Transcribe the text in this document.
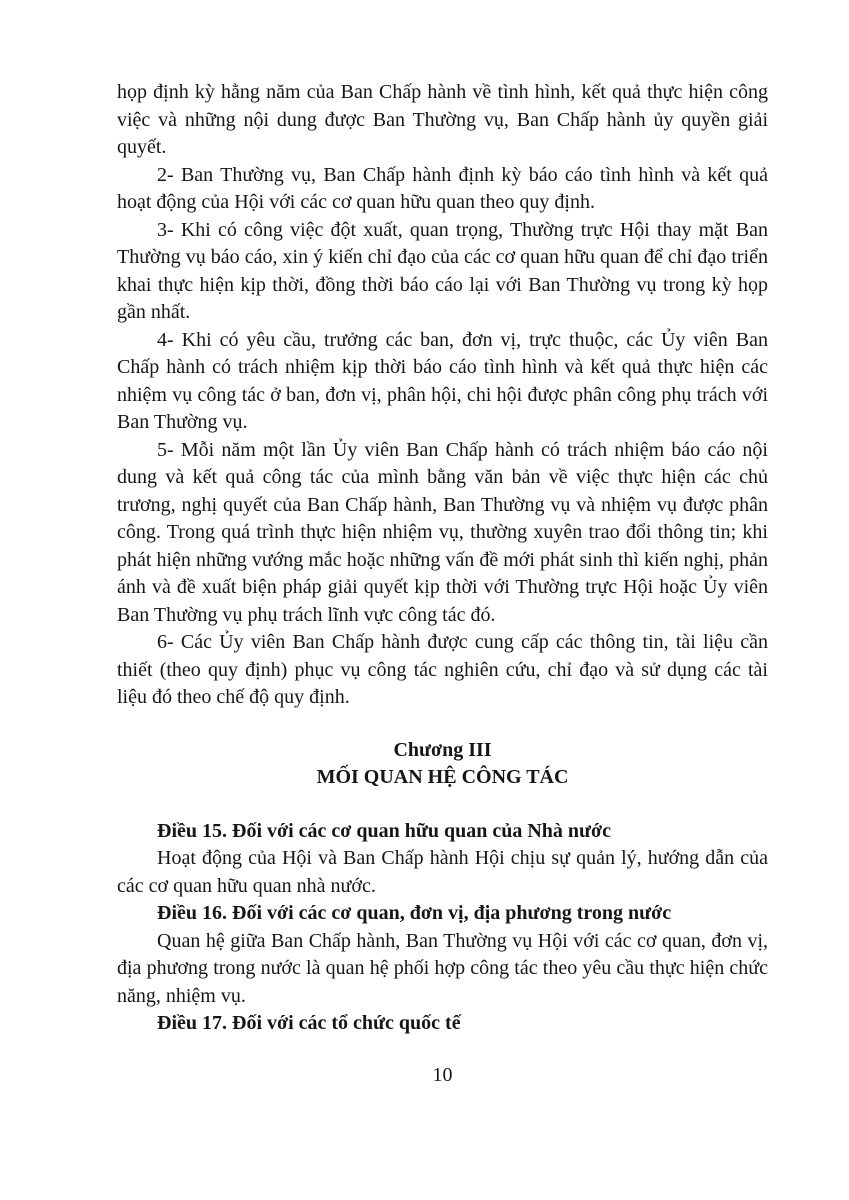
họp định kỳ hằng năm của Ban Chấp hành về tình hình, kết quả thực hiện công việc và những nội dung được Ban Thường vụ, Ban Chấp hành ủy quyền giải quyết.

2- Ban Thường vụ, Ban Chấp hành định kỳ báo cáo tình hình và kết quả hoạt động của Hội với các cơ quan hữu quan theo quy định.

3- Khi có công việc đột xuất, quan trọng, Thường trực Hội thay mặt Ban Thường vụ báo cáo, xin ý kiến chỉ đạo của các cơ quan hữu quan để chỉ đạo triển khai thực hiện kịp thời, đồng thời báo cáo lại với Ban Thường vụ trong kỳ họp gần nhất.

4- Khi có yêu cầu, trưởng các ban, đơn vị, trực thuộc, các Ủy viên Ban Chấp hành có trách nhiệm kịp thời báo cáo tình hình và kết quả thực hiện các nhiệm vụ công tác ở ban, đơn vị, phân hội, chi hội được phân công phụ trách với Ban Thường vụ.

5- Mỗi năm một lần Ủy viên Ban Chấp hành có trách nhiệm báo cáo nội dung và kết quả công tác của mình bằng văn bản về việc thực hiện các chủ trương, nghị quyết của Ban Chấp hành, Ban Thường vụ và nhiệm vụ được phân công. Trong quá trình thực hiện nhiệm vụ, thường xuyên trao đổi thông tin; khi phát hiện những vướng mắc hoặc những vấn đề mới phát sinh thì kiến nghị, phản ánh và đề xuất biện pháp giải quyết kịp thời với Thường trực Hội hoặc Ủy viên Ban Thường vụ phụ trách lĩnh vực công tác đó.

6- Các Ủy viên Ban Chấp hành được cung cấp các thông tin, tài liệu cần thiết (theo quy định) phục vụ công tác nghiên cứu, chỉ đạo và sử dụng các tài liệu đó theo chế độ quy định.

Chương III
MỐI QUAN HỆ CÔNG TÁC

Điều 15. Đối với các cơ quan hữu quan của Nhà nước

Hoạt động của Hội và Ban Chấp hành Hội chịu sự quản lý, hướng dẫn của các cơ quan hữu quan nhà nước.

Điều 16. Đối với các cơ quan, đơn vị, địa phương trong nước

Quan hệ giữa Ban Chấp hành, Ban Thường vụ Hội với các cơ quan, đơn vị, địa phương trong nước là quan hệ phối hợp công tác theo yêu cầu thực hiện chức năng, nhiệm vụ.

Điều 17. Đối với các tổ chức quốc tế

10
